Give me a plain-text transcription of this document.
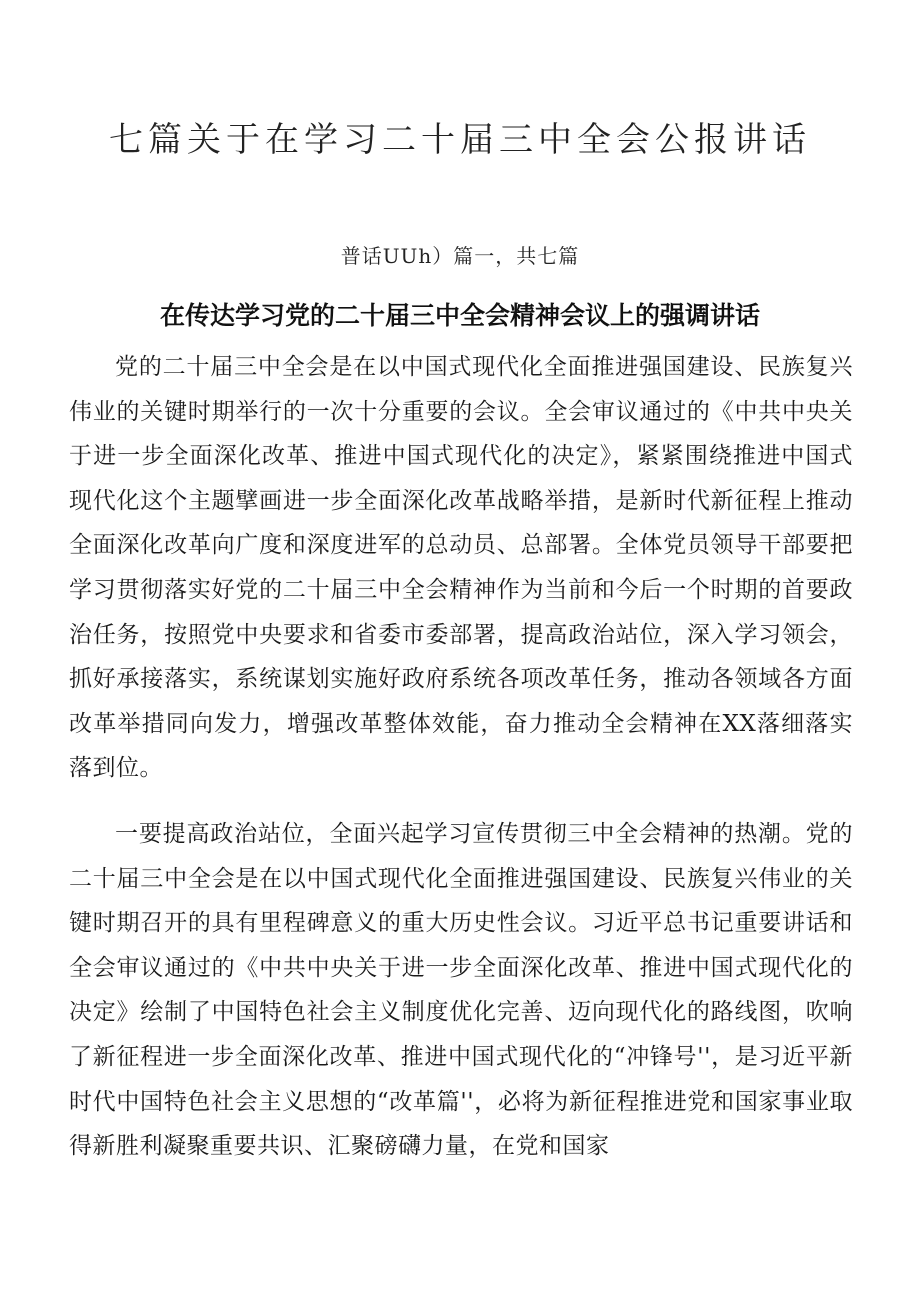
七篇关于在学习二十届三中全会公报讲话

普话UUh）篇一，共七篇

在传达学习党的二十届三中全会精神会议上的强调讲话

党的二十届三中全会是在以中国式现代化全面推进强国建设、民族复兴伟业的关键时期举行的一次十分重要的会议。全会审议通过的《中共中央关于进一步全面深化改革、推进中国式现代化的决定》，紧紧围绕推进中国式现代化这个主题擘画进一步全面深化改革战略举措，是新时代新征程上推动全面深化改革向广度和深度进军的总动员、总部署。全体党员领导干部要把学习贯彻落实好党的二十届三中全会精神作为当前和今后一个时期的首要政治任务，按照党中央要求和省委市委部署，提高政治站位，深入学习领会，抓好承接落实，系统谋划实施好政府系统各项改革任务，推动各领域各方面改革举措同向发力，增强改革整体效能，奋力推动全会精神在XX落细落实落到位。

一要提高政治站位，全面兴起学习宣传贯彻三中全会精神的热潮。党的二十届三中全会是在以中国式现代化全面推进强国建设、民族复兴伟业的关键时期召开的具有里程碑意义的重大历史性会议。习近平总书记重要讲话和全会审议通过的《中共中央关于进一步全面深化改革、推进中国式现代化的决定》绘制了中国特色社会主义制度优化完善、迈向现代化的路线图，吹响了新征程进一步全面深化改革、推进中国式现代化的“冲锋号''，是习近平新时代中国特色社会主义思想的“改革篇''，必将为新征程推进党和国家事业取得新胜利凝聚重要共识、汇聚磅礴力量，在党和国家
